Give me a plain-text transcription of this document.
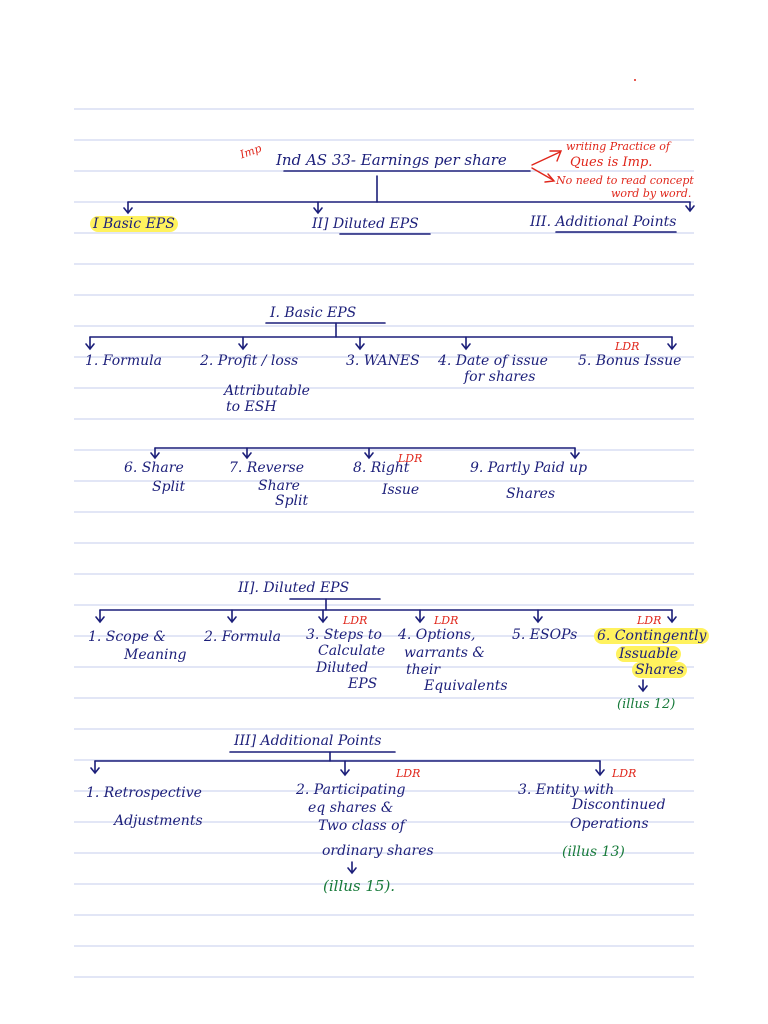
Imp Ind AS 33- Earnings per share
writing Practice of
Ques is Imp.
No need to read concept
word by word.
I Basic EPS	II] Diluted EPS	III. Additional Points
I. Basic EPS
1. Formula	2. Profit / loss
Attributable
to ESH
3. WANES 4. Date of issue
for shares
LDR
5. Bonus Issue
6. Share
Split
7. Reverse
Share
Split
8. Right
LDR
Issue
9. Partly Paid up
Shares
II]. Diluted EPS
1. Scope &
Meaning
2. Formula
LDR
3. Steps to
Calculate
Diluted
EPS
LDR
4. Options,
warrants &
their
Equivalents
5. ESOPs
LDR
6. Contingently
Issuable
Shares
(illus 12)
III] Additional Points
1. Retrospective
Adjustments
LDR
2. Participating
eq shares &
Two class of
ordinary shares
(illus 15).
LDR
3. Entity with
Discontinued
Operations
(illus 13)
